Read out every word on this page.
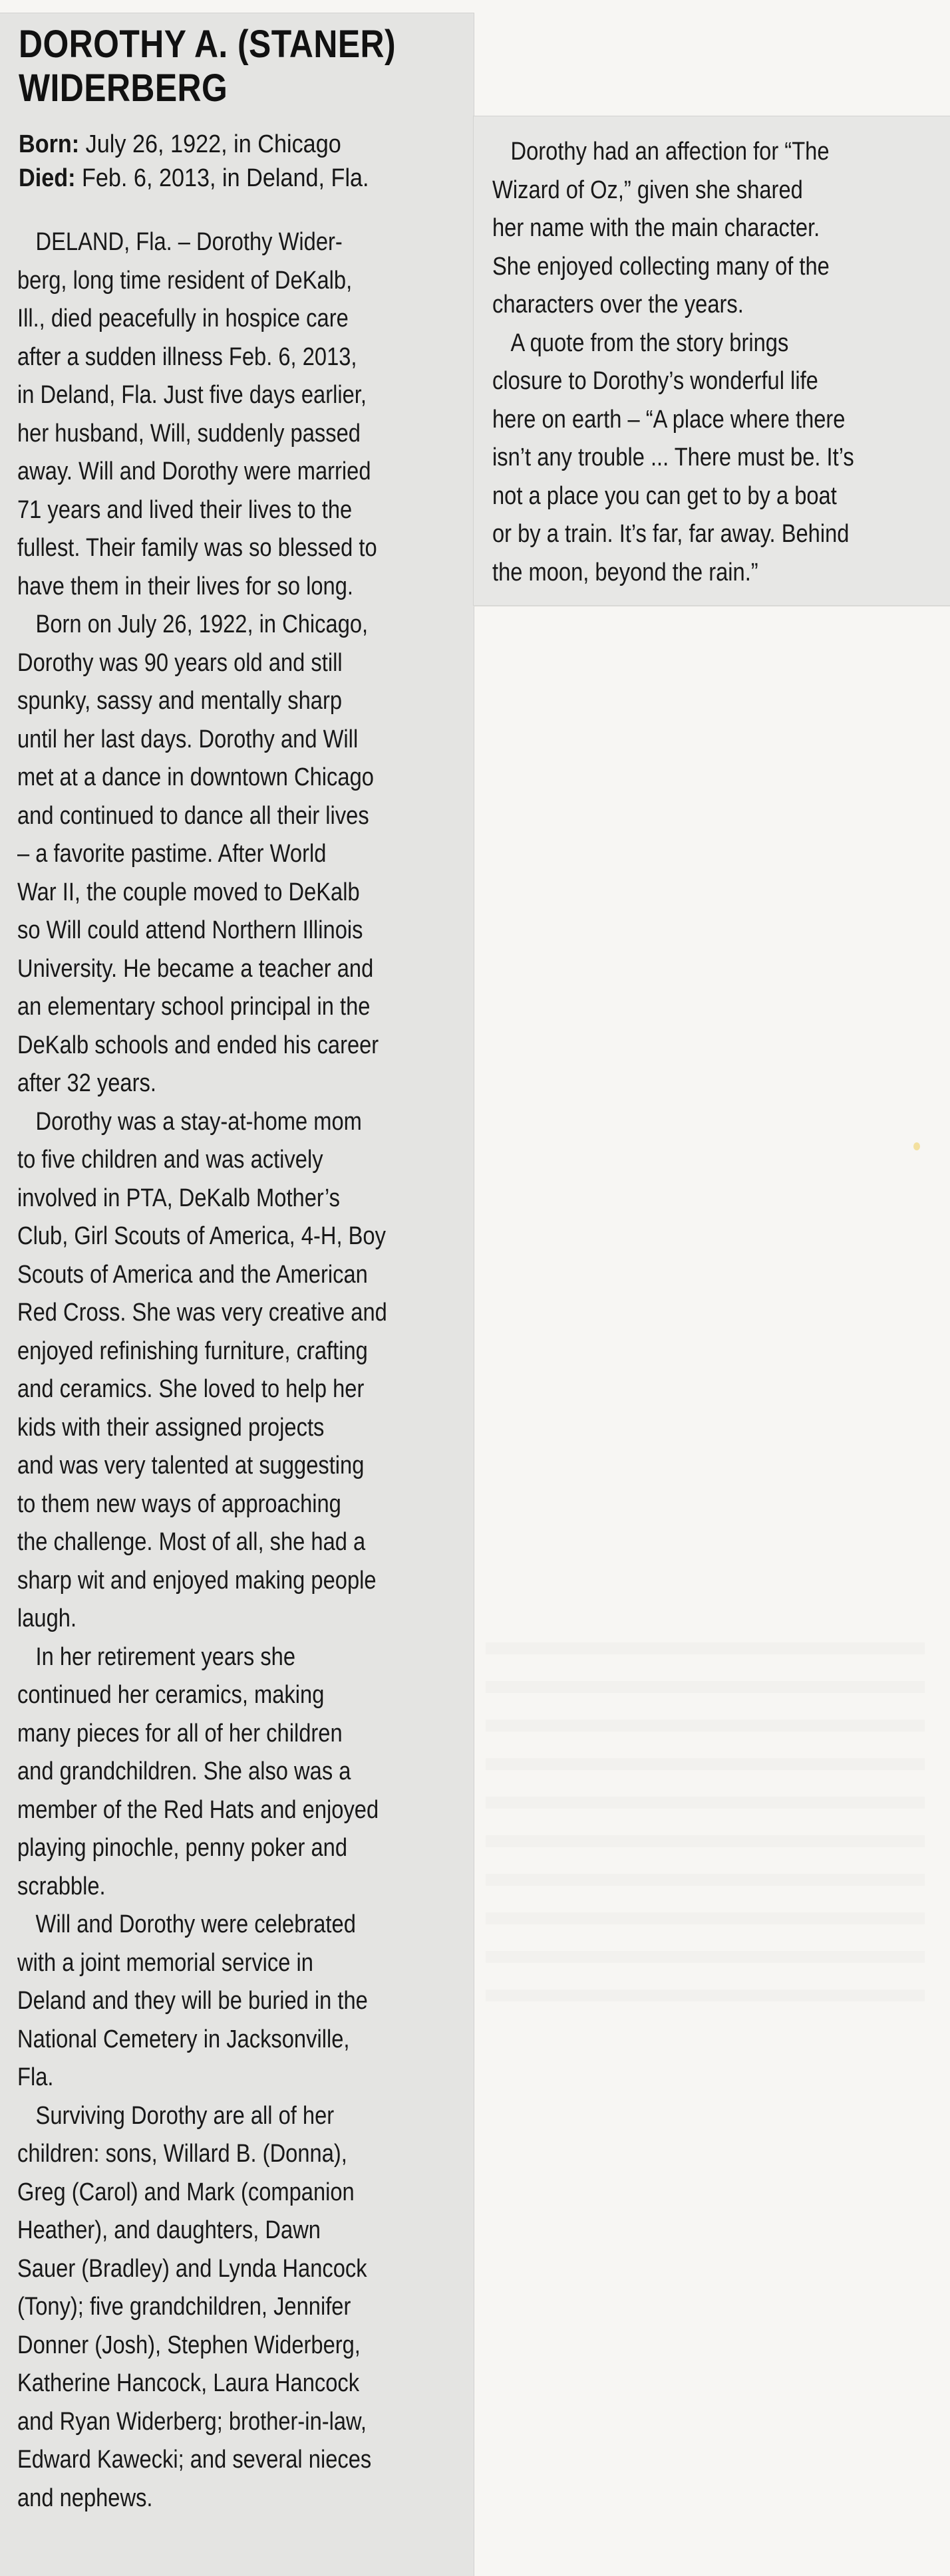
DOROTHY A. (STANER)
WIDERBERG
Born: July 26, 1922, in Chicago
Died: Feb. 6, 2013, in Deland, Fla.
DELAND, Fla. – Dorothy Wider-
berg, long time resident of DeKalb,
Ill., died peacefully in hospice care
after a sudden illness Feb. 6, 2013,
in Deland, Fla. Just five days earlier,
her husband, Will, suddenly passed
away. Will and Dorothy were married
71 years and lived their lives to the
fullest. Their family was so blessed to
have them in their lives for so long.
Born on July 26, 1922, in Chicago,
Dorothy was 90 years old and still
spunky, sassy and mentally sharp
until her last days. Dorothy and Will
met at a dance in downtown Chicago
and continued to dance all their lives
– a favorite pastime. After World
War II, the couple moved to DeKalb
so Will could attend Northern Illinois
University. He became a teacher and
an elementary school principal in the
DeKalb schools and ended his career
after 32 years.
Dorothy was a stay-at-home mom
to five children and was actively
involved in PTA, DeKalb Mother’s
Club, Girl Scouts of America, 4-H, Boy
Scouts of America and the American
Red Cross. She was very creative and
enjoyed refinishing furniture, crafting
and ceramics. She loved to help her
kids with their assigned projects
and was very talented at suggesting
to them new ways of approaching
the challenge. Most of all, she had a
sharp wit and enjoyed making people
laugh.
In her retirement years she
continued her ceramics, making
many pieces for all of her children
and grandchildren. She also was a
member of the Red Hats and enjoyed
playing pinochle, penny poker and
scrabble.
Will and Dorothy were celebrated
with a joint memorial service in
Deland and they will be buried in the
National Cemetery in Jacksonville,
Fla.
Surviving Dorothy are all of her
children: sons, Willard B. (Donna),
Greg (Carol) and Mark (companion
Heather), and daughters, Dawn
Sauer (Bradley) and Lynda Hancock
(Tony); five grandchildren, Jennifer
Donner (Josh), Stephen Widerberg,
Katherine Hancock, Laura Hancock
and Ryan Widerberg; brother-in-law,
Edward Kawecki; and several nieces
and nephews.
Dorothy had an affection for “The
Wizard of Oz,” given she shared
her name with the main character.
She enjoyed collecting many of the
characters over the years.
A quote from the story brings
closure to Dorothy’s wonderful life
here on earth – “A place where there
isn’t any trouble ... There must be. It’s
not a place you can get to by a boat
or by a train. It’s far, far away. Behind
the moon, beyond the rain.”
